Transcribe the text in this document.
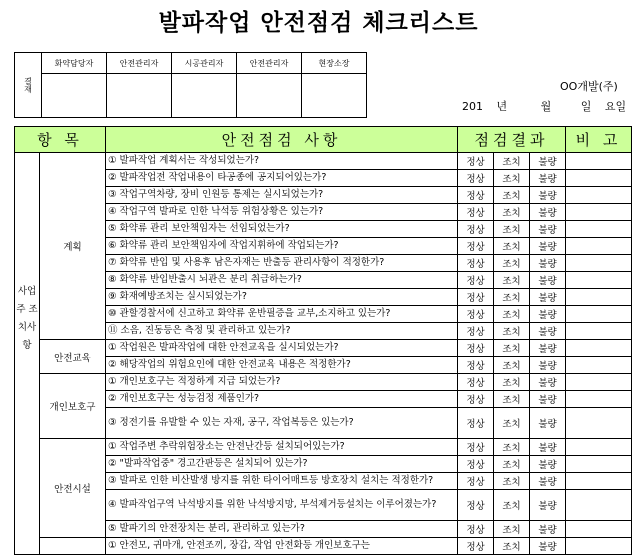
발파작업 안전점검 체크리스트
결재	화약담당자	안전관리자	시공관리자	안전관리자	현장소장

OO개발(주)
201 년	월	일 요일
항 목		안전점검 사항	점검결과			비 고
사업주 조치사항	계획	① 발파작업 계획서는 작성되었는가?	정상	조치	불량	
		② 발파작업전 작업내용이 타공종에 공지되어있는가?	정상	조치	불량	
		③ 작업구역차량, 장비 인원등 통제는 실시되었는가?	정상	조치	불량	
		④ 작업구역 발파로 인한 낙석등 위험상황은 있는가?	정상	조치	불량	
		⑤ 화약류 관리 보안책임자는 선임되었는가?	정상	조치	불량	
		⑥ 화약류 관리 보안책임자에 작업지휘하에 작업되는가?	정상	조치	불량	
		⑦ 화약류 반입 및 사용후 남은자재는 반출등 관리사항이 적정한가?	정상	조치	불량	
		⑧ 화약류 반입반출시 뇌관은 분리 취급하는가?	정상	조치	불량	
		⑨ 화재예방조치는 실시되었는가?	정상	조치	불량	
		⑩ 관할경찰서에 신고하고 화약류 운반필증을 교부,소지하고 있는가?	정상	조치	불량	
		⑪ 소음, 진동등은 측정 및 관리하고 있는가?	정상	조치	불량	
	안전교육	① 작업원은 발파작업에 대한 안전교육을 실시되었는가?	정상	조치	불량	
		② 해당작업의 위험요인에 대한 안전교육 내용은 적정한가?	정상	조치	불량	
	개인보호구	① 개인보호구는 적정하게 지급 되었는가?	정상	조치	불량	
		② 개인보호구는 성능검정 제품인가?	정상	조치	불량	
		③ 정전기를 유발할 수 있는 자재, 공구, 작업복등은 있는가?	정상	조치	불량	
	안전시설	① 작업주변 추락위험장소는 안전난간등 설치되어있는가?	정상	조치	불량	
		② "발파작업중" 경고간판등은 설치되어 있는가?	정상	조치	불량	
		③ 발파로 인한 비산발생 방지를 위한 타이어매트등 방호장치 설치는 적정한가?	정상	조치	불량	
		④ 발파작업구역 낙석방지를 위한 낙석방지망, 부석제거등설치는 이루어졌는가?	정상	조치	불량	
		⑤ 발파기의 안전장치는 분리, 관리하고 있는가?	정상	조치	불량	
		① 안전모, 귀마개, 안전조끼, 장갑, 작업 안전화등 개인보호구는	정상	조치	불량	
